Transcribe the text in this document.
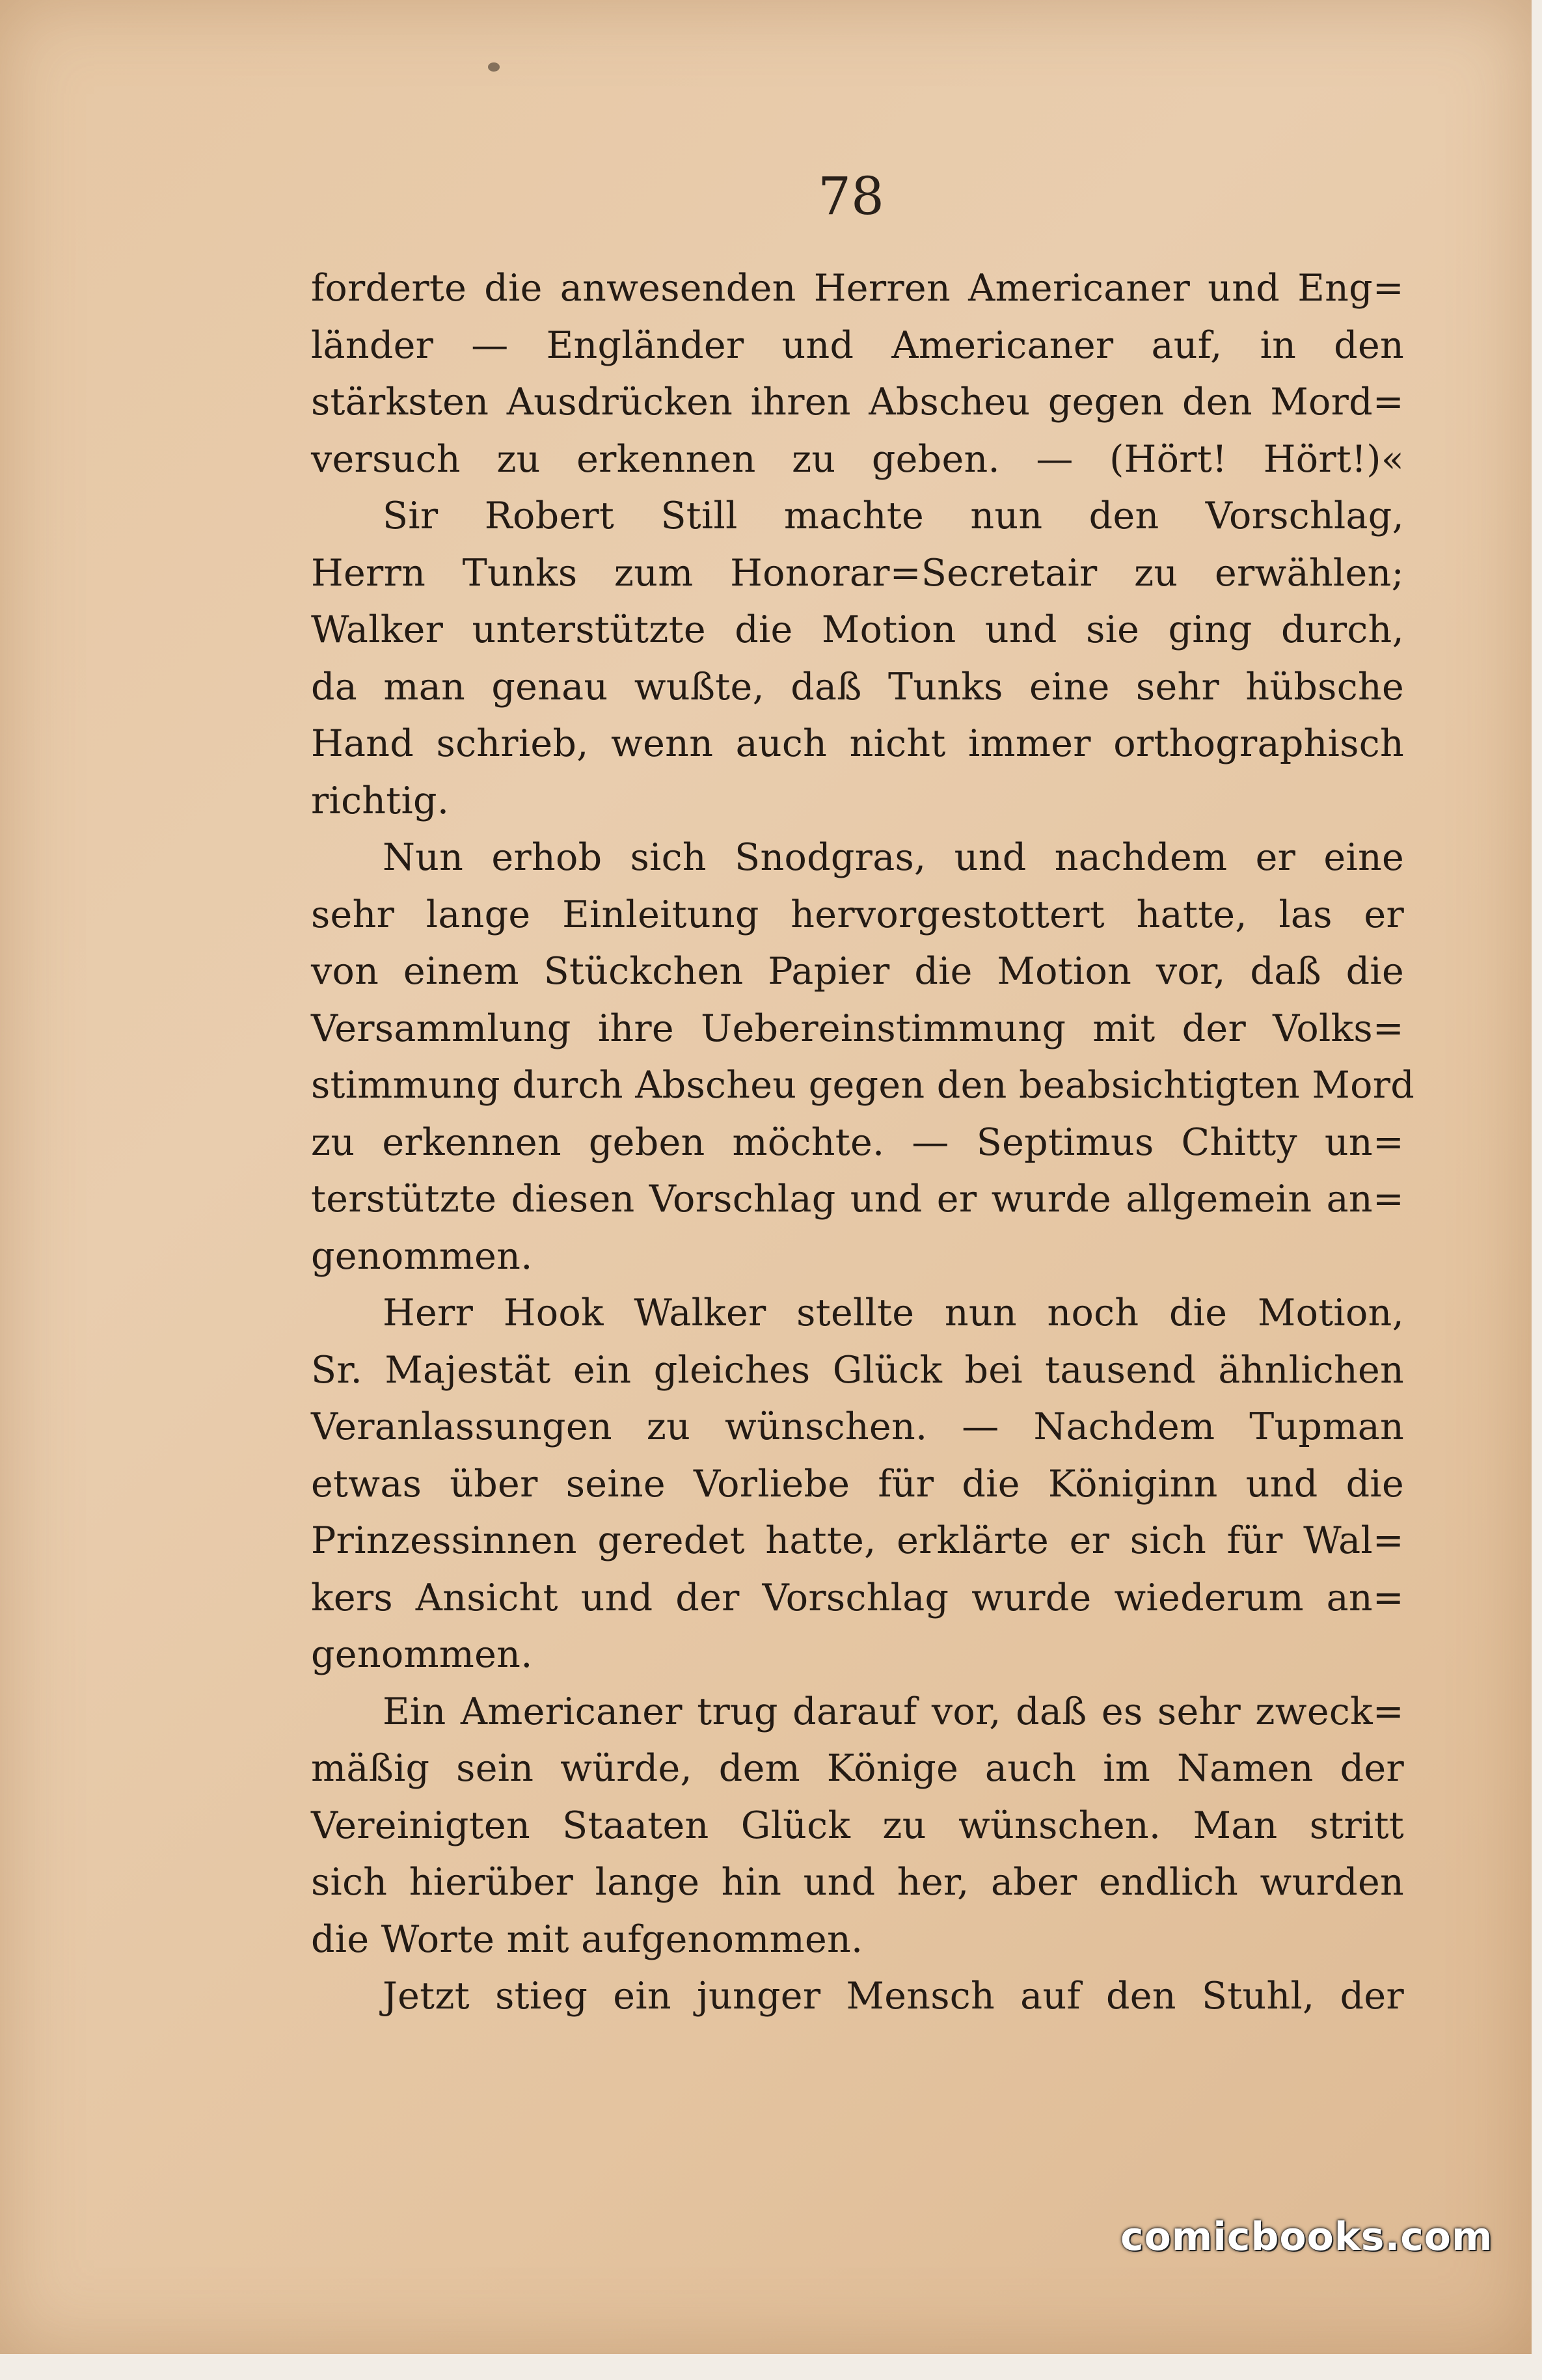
78
forderte die anwesenden Herren Americaner und Eng=
länder — Engländer und Americaner auf, in den
stärksten Ausdrücken ihren Abscheu gegen den Mord=
versuch zu erkennen zu geben. — (Hört! Hört!)«
Sir Robert Still machte nun den Vorschlag,
Herrn Tunks zum Honorar=Secretair zu erwählen;
Walker unterstützte die Motion und sie ging durch,
da man genau wußte, daß Tunks eine sehr hübsche
Hand schrieb, wenn auch nicht immer orthographisch
richtig.
Nun erhob sich Snodgras, und nachdem er eine
sehr lange Einleitung hervorgestottert hatte, las er
von einem Stückchen Papier die Motion vor, daß die
Versammlung ihre Uebereinstimmung mit der Volks=
stimmung durch Abscheu gegen den beabsichtigten Mord
zu erkennen geben möchte. — Septimus Chitty un=
terstützte diesen Vorschlag und er wurde allgemein an=
genommen.
Herr Hook Walker stellte nun noch die Motion,
Sr. Majestät ein gleiches Glück bei tausend ähnlichen
Veranlassungen zu wünschen. — Nachdem Tupman
etwas über seine Vorliebe für die Königinn und die
Prinzessinnen geredet hatte, erklärte er sich für Wal=
kers Ansicht und der Vorschlag wurde wiederum an=
genommen.
Ein Americaner trug darauf vor, daß es sehr zweck=
mäßig sein würde, dem Könige auch im Namen der
Vereinigten Staaten Glück zu wünschen. Man stritt
sich hierüber lange hin und her, aber endlich wurden
die Worte mit aufgenommen.
Jetzt stieg ein junger Mensch auf den Stuhl, der
comicbooks.com
